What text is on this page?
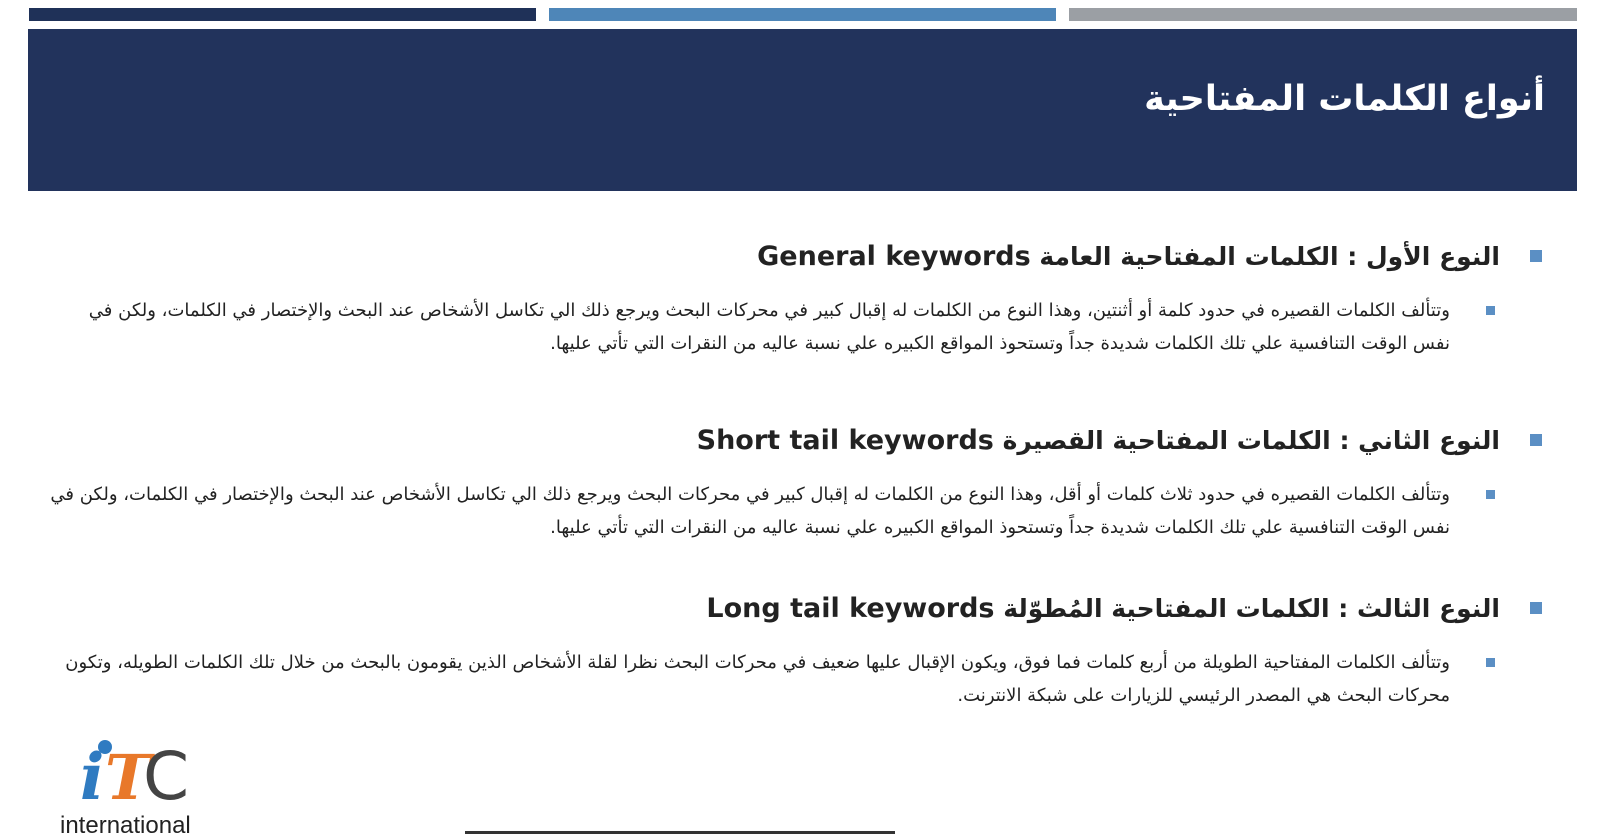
أنواع الكلمات المفتاحية
النوع الأول : الكلمات المفتاحية العامة General keywords
وتتألف الكلمات القصيره في حدود كلمة أو أثنتين، وهذا النوع من الكلمات له إقبال كبير في محركات البحث ويرجع ذلك الي تكاسل الأشخاص عند البحث والإختصار في الكلمات، ولكن في نفس الوقت التنافسية علي تلك الكلمات شديدة جداً وتستحوذ المواقع الكبيره علي نسبة عاليه من النقرات التي تأتي عليها.
النوع الثاني : الكلمات المفتاحية القصيرة Short tail keywords
وتتألف الكلمات القصيره في حدود ثلاث كلمات أو أقل، وهذا النوع من الكلمات له إقبال كبير في محركات البحث ويرجع ذلك الي تكاسل الأشخاص عند البحث والإختصار في الكلمات، ولكن في نفس الوقت التنافسية علي تلك الكلمات شديدة جداً وتستحوذ المواقع الكبيره علي نسبة عاليه من النقرات التي تأتي عليها.
النوع الثالث : الكلمات المفتاحية المُطوّلة Long tail keywords
وتتألف الكلمات المفتاحية الطويلة من أربع كلمات فما فوق، ويكون الإقبال عليها ضعيف في محركات البحث نظرا لقلة الأشخاص الذين يقومون بالبحث من خلال تلك الكلمات الطويله، وتكون محركات البحث هي المصدر الرئيسي للزيارات على شبكة الانترنت.
i T
C
international
